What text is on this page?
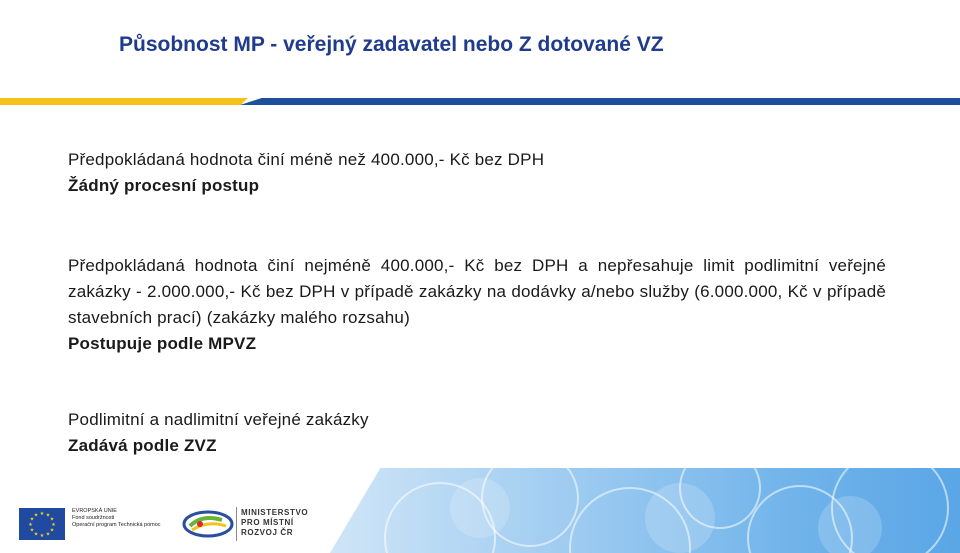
Působnost MP - veřejný zadavatel nebo Z dotované VZ

Předpokládaná hodnota činí méně než 400.000,- Kč bez DPH

Žádný procesní postup

Předpokládaná hodnota činí nejméně 400.000,- Kč bez DPH a nepřesahuje limit podlimitní veřejné zakázky - 2.000.000,- Kč bez DPH v případě zakázky na dodávky a/nebo služby (6.000.000, Kč v případě stavebních prací) (zakázky malého rozsahu)

Postupuje podle MPVZ

Podlimitní a nadlimitní veřejné zakázky

Zadává podle ZVZ

★ ★
★
★
★
★
★
★
★
★
★
★
EVROPSKÁ UNIE
Fond soudržnosti
Operační program Technická pomoc
MINISTERSTVO
PRO MÍSTNÍ
ROZVOJ ČR
